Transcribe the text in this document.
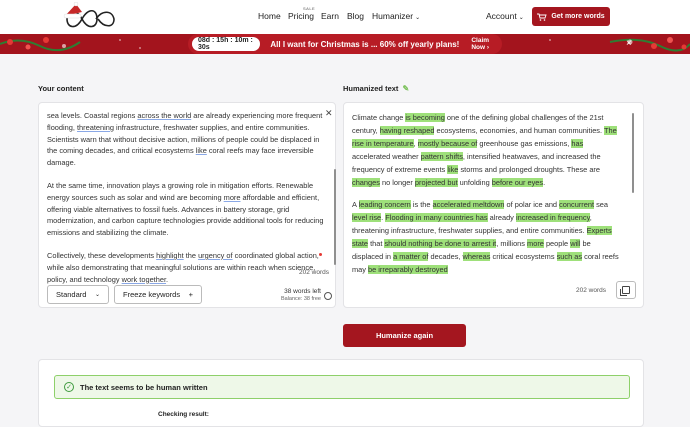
Home Pricing
SALE
Earn Blog Humanizer ⌄	Account ⌄	Get more words
08d : 15h : 10m : 30s	All I want for Christmas is ... 60% off yearly plans! Claim Now ›	×
Your content	Humanized text ✎

sea levels. Coastal regions across the world are already experiencing more frequent flooding, threatening infrastructure, freshwater supplies, and entire communities. Scientists warn that without decisive action, millions of people could be displaced in the coming decades, and critical ecosystems like coral reefs may face irreversible damage.

At the same time, innovation plays a growing role in mitigation efforts. Renewable energy sources such as solar and wind are becoming more affordable and efficient, offering viable alternatives to fossil fuels. Advances in battery storage, grid modernization, and carbon capture technologies provide additional tools for reducing emissions and stabilizing the climate.

Collectively, these developments highlight the urgency of coordinated global action, while also demonstrating that meaningful solutions are within reach when science, policy, and technology work together.

✕
202 words
Standard ⌄	Freeze keywords +	38 words left
Balance: 38 free

Climate change is becoming one of the defining global challenges of the 21st century, having reshaped ecosystems, economies, and human communities. The rise in temperature, mostly because of greenhouse gas emissions, has accelerated weather pattern shifts, intensified heatwaves, and increased the frequency of extreme events like storms and prolonged droughts. These are changes no longer projected but unfolding before our eyes.

A leading concern is the accelerated meltdown of polar ice and concurrent sea level rise. Flooding in many countries has already increased in frequency, threatening infrastructure, freshwater supplies, and entire communities. Experts state that should nothing be done to arrest it, millions more people will be displaced in a matter of decades, whereas critical ecosystems such as coral reefs may be irreparably destroyed

202 words
Humanize again
✓ The text seems to be human written
Checking result:
